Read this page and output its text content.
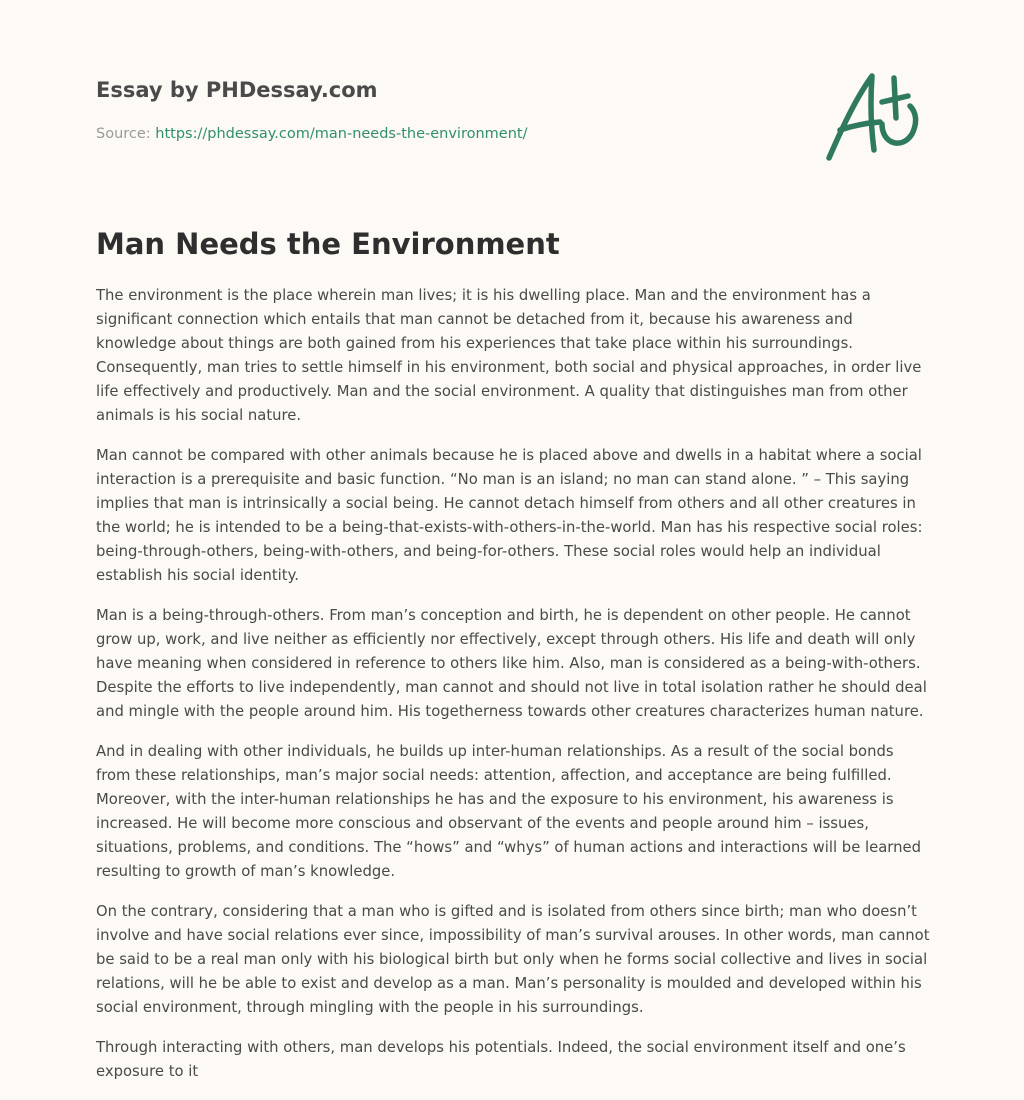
Essay by PHDessay.com
Source: https://phdessay.com/man-needs-the-environment/
Man Needs the Environment

The environment is the place wherein man lives; it is his dwelling place. Man and the environment has a significant connection which entails that man cannot be detached from it, because his awareness and knowledge about things are both gained from his experiences that take place within his surroundings. Consequently, man tries to settle himself in his environment, both social and physical approaches, in order live life effectively and productively. Man and the social environment. A quality that distinguishes man from other animals is his social nature.

Man cannot be compared with other animals because he is placed above and dwells in a habitat where a social interaction is a prerequisite and basic function. “No man is an island; no man can stand alone. ” – This saying implies that man is intrinsically a social being. He cannot detach himself from others and all other creatures in the world; he is intended to be a being-that-exists-with-others-in-the-world. Man has his respective social roles: being-through-others, being-with-others, and being-for-others. These social roles would help an individual establish his social identity.

Man is a being-through-others. From man’s conception and birth, he is dependent on other people. He cannot grow up, work, and live neither as efficiently nor effectively, except through others. His life and death will only have meaning when considered in reference to others like him. Also, man is considered as a being-with-others. Despite the efforts to live independently, man cannot and should not live in total isolation rather he should deal and mingle with the people around him. His togetherness towards other creatures characterizes human nature.

And in dealing with other individuals, he builds up inter-human relationships. As a result of the social bonds from these relationships, man’s major social needs: attention, affection, and acceptance are being fulfilled. Moreover, with the inter-human relationships he has and the exposure to his environment, his awareness is increased. He will become more conscious and observant of the events and people around him – issues, situations, problems, and conditions. The “hows” and “whys” of human actions and interactions will be learned resulting to growth of man’s knowledge.

On the contrary, considering that a man who is gifted and is isolated from others since birth; man who doesn’t involve and have social relations ever since, impossibility of man’s survival arouses. In other words, man cannot be said to be a real man only with his biological birth but only when he forms social collective and lives in social relations, will he be able to exist and develop as a man. Man’s personality is moulded and developed within his social environment, through mingling with the people in his surroundings.

Through interacting with others, man develops his potentials. Indeed, the social environment itself and one’s exposure to it
